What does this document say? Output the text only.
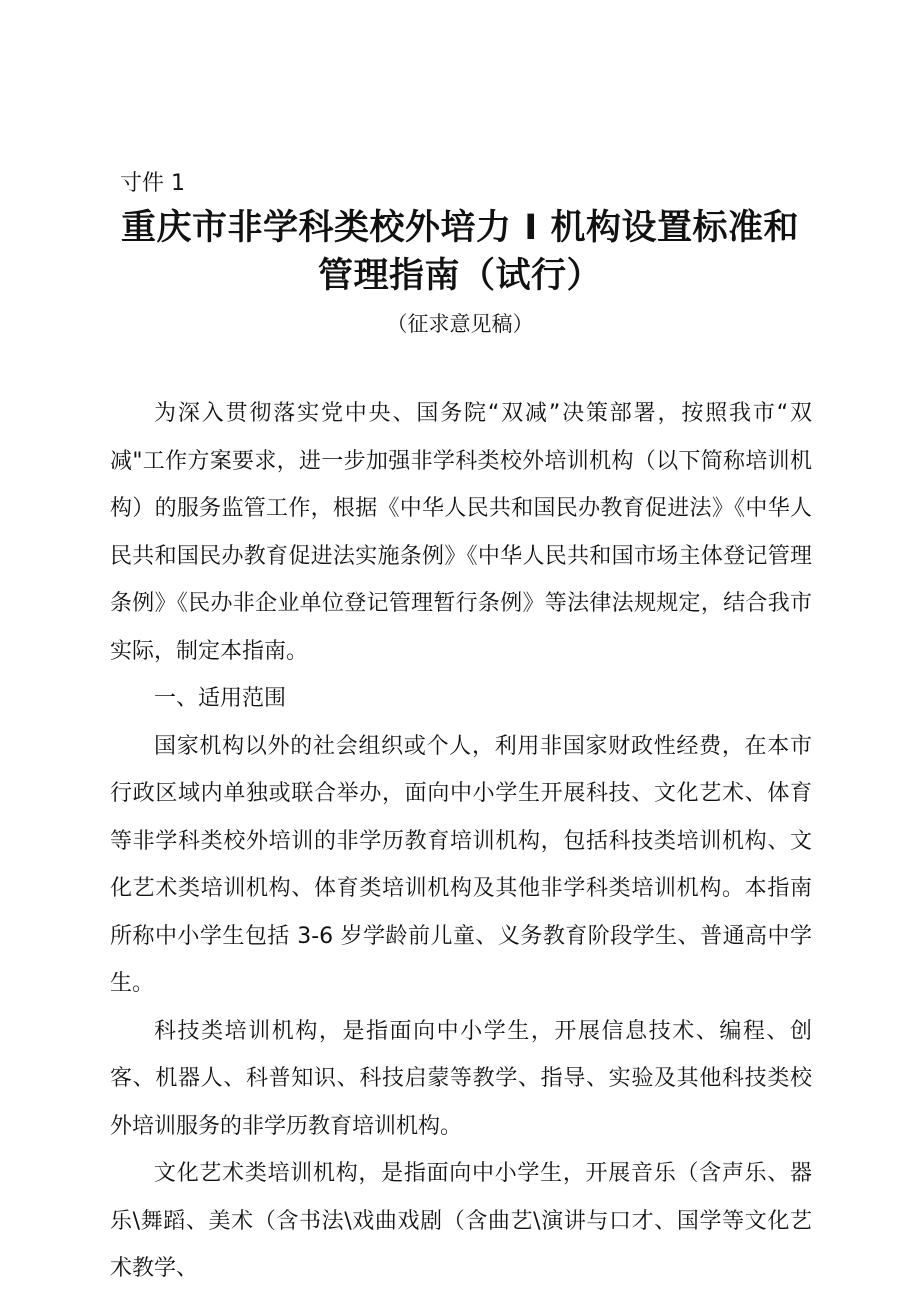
寸件 1
重庆市非学科类校外培力 I 机构设置标准和
管理指南（试行）
（征求意见稿）

为深入贯彻落实党中央、国务院“双减”决策部署，按照我市“双减"工作方案要求，进一步加强非学科类校外培训机构（以下简称培训机构）的服务监管工作，根据《中华人民共和国民办教育促进法》《中华人民共和国民办教育促进法实施条例》《中华人民共和国市场主体登记管理条例》《民办非企业单位登记管理暂行条例》等法律法规规定，结合我市实际，制定本指南。

一、适用范围

国家机构以外的社会组织或个人，利用非国家财政性经费，在本市行政区域内单独或联合举办，面向中小学生开展科技、文化艺术、体育等非学科类校外培训的非学历教育培训机构，包括科技类培训机构、文化艺术类培训机构、体育类培训机构及其他非学科类培训机构。本指南所称中小学生包括 3-6 岁学龄前儿童、义务教育阶段学生、普通高中学生。

科技类培训机构，是指面向中小学生，开展信息技术、编程、创客、机器人、科普知识、科技启蒙等教学、指导、实验及其他科技类校外培训服务的非学历教育培训机构。

文化艺术类培训机构，是指面向中小学生，开展音乐（含声乐、器乐\舞蹈、美术（含书法\戏曲戏剧（含曲艺\演讲与口才、国学等文化艺术教学、
